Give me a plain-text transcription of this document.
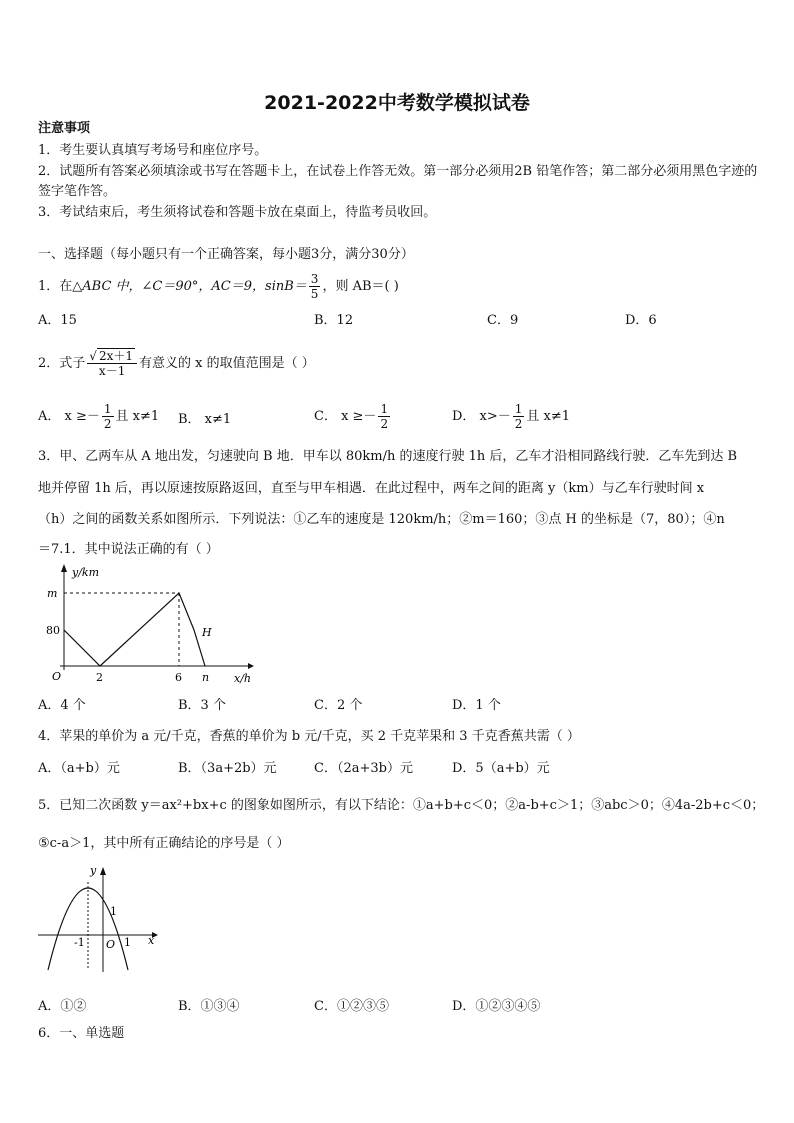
2021-2022中考数学模拟试卷
注意事项
1．考生要认真填写考场号和座位序号。
2．试题所有答案必须填涂或书写在答题卡上，在试卷上作答无效。第一部分必须用2B 铅笔作答；第二部分必须用黑色字迹的签字笔作答。
3．考试结束后，考生须将试卷和答题卡放在桌面上，待监考员收回。
一、选择题（每小题只有一个正确答案，每小题3分，满分30分）
1．在△ABC 中，∠C＝90°，AC＝9，$\sin B= \frac{3}{5}$ ，则 AB＝( )
A．15	B．12	C．9	D．6
2．式子 $\frac{√ 2x+1}{x-1}$ 有意义的 x 的取值范围是（ ）
A． $x \ge- \frac{1}{2}$ 且 x≠1 B． x≠1	C． $x \ge- \frac{1}{2}$	D． $x>- \frac{1}{2}$ 且 x≠1
3．甲、乙两车从 A 地出发，匀速驶向 B 地．甲车以 80km/h 的速度行驶 1h 后，乙车才沿相同路线行驶．乙车先到达 B
地并停留 1h 后，再以原速按原路返回，直至与甲车相遇．在此过程中，两车之间的距离 y（km）与乙车行驶时间 x
（h）之间的函数关系如图所示．下列说法：①乙车的速度是 120km/h；②m＝160；③点 H 的坐标是（7，80）；④n
＝7.1．其中说法正确的有（ ）
y/km
m
80
O	2	6 n
H
x/h
A．4 个	B．3 个	C．2 个	D．1 个
4．苹果的单价为 a 元/千克，香蕉的单价为 b 元/千克，买 2 千克苹果和 3 千克香蕉共需（ ）
A．（a+b）元	B．（3a+2b）元	C．（2a+3b）元	D．5（a+b）元
5．已知二次函数 y＝ax²+bx+c 的图象如图所示，有以下结论：①a+b+c＜0；②a-b+c＞1；③abc＞0；④4a-2b+c＜0；
⑤c-a＞1，其中所有正确结论的序号是（ ）
y
1
-1 O 1 x
A．①②	B．①③④	C．①②③⑤	D．①②③④⑤
6．一、单选题
